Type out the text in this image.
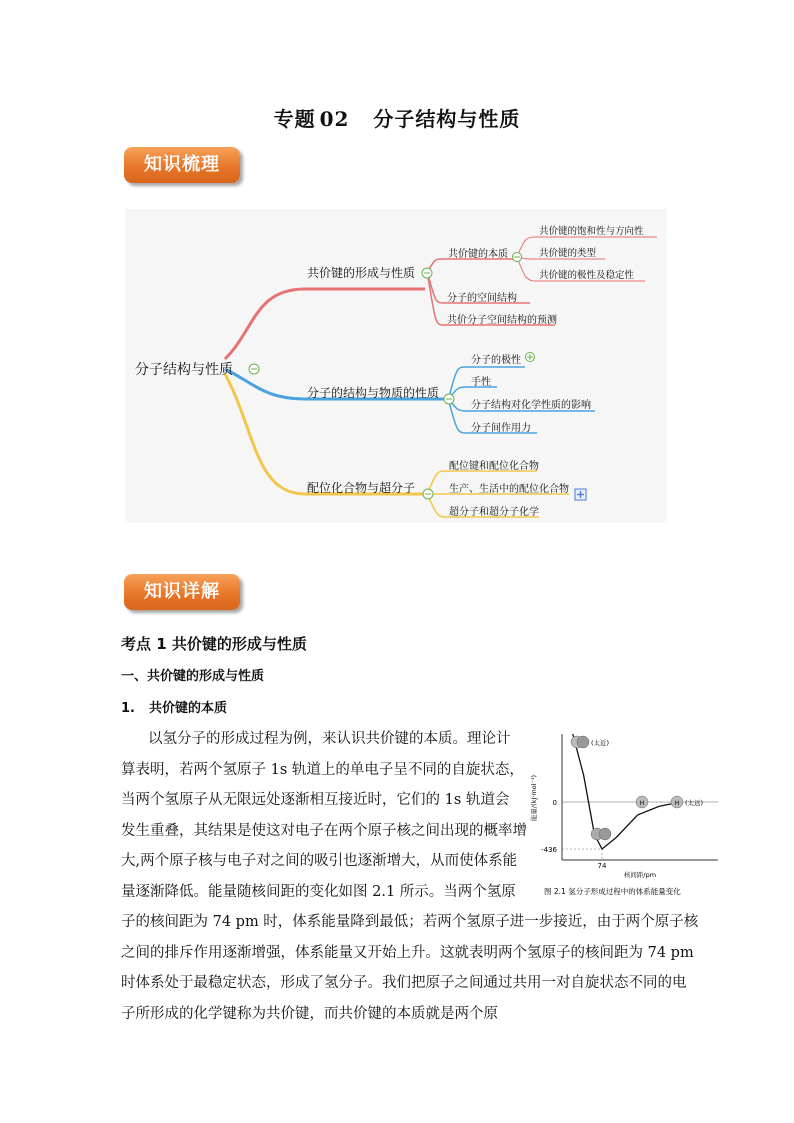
专题 02 分子结构与性质
知识梳理
分子结构与性质
共价键的形成与性质
共价键的本质
共价键的饱和性与方向性
共价键的类型
共价键的极性及稳定性
分子的空间结构
共价分子空间结构的预测
分子的结构与物质的性质
分子的极性
手性
分子结构对化学性质的影响
分子间作用力
配位化合物与超分子
配位键和配位化合物
生产、生活中的配位化合物
超分子和超分子化学
知识详解
考点 1 共价键的形成与性质
一、共价键的形成与性质
1. 共价键的本质
以氢分子的形成过程为例，来认识共价键的本质。理论计
算表明，若两个氢原子 1s 轨道上的单电子呈不同的自旋状态，
当两个氢原子从无限远处逐渐相互接近时，它们的 1s 轨道会
发生重叠，其结果是使这对电子在两个原子核之间出现的概率增
大,两个原子核与电子对之间的吸引也逐渐增大，从而使体系能
量逐渐降低。能量随核间距的变化如图 2.1 所示。当两个氢原
子的核间距为 74 pm 时，体系能量降到最低；若两个氢原子进一步接近，由于两个原子核
之间的排斥作用逐渐增强，体系能量又开始上升。这就表明两个氢原子的核间距为 74 pm
时体系处于最稳定状态，形成了氢分子。我们把原子之间通过共用一对自旋状态不同的电
子所形成的化学键称为共价键，而共价键的本质就是两个原
H	H
(太近)
(太远)
0
-436
74
核间距/pm
能量/(kJ·mol⁻¹)
图 2.1 氢分子形成过程中的体系能量变化
